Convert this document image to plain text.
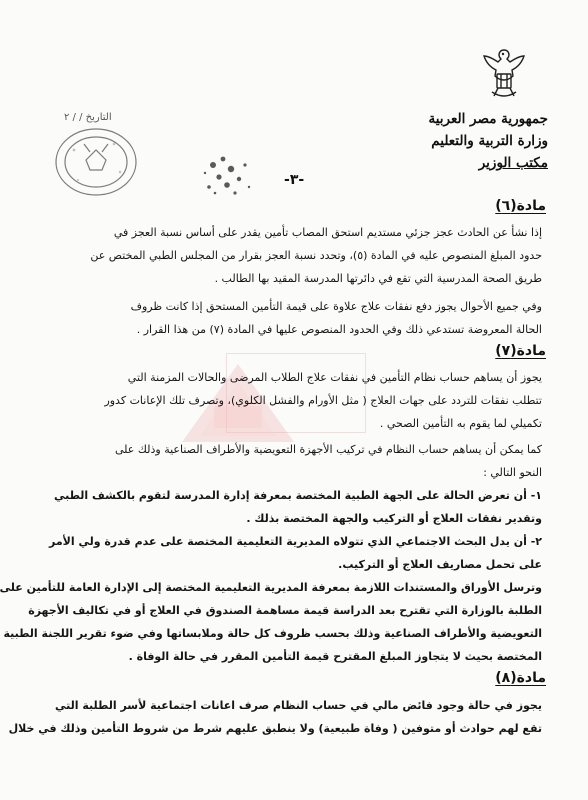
جمهورية مصر العربية
وزارة التربية والتعليم
مكتب الوزير
التاريخ / / ٢
-٣-
مادة(٦)

إذا نشأ عن الحادث عجز جزئي مستديم استحق المصاب تأمين يقدر على أساس نسبة العجز في
حدود المبلغ المنصوص عليه في المادة (٥)، وتحدد نسبة العجز بقرار من المجلس الطبي المختص عن
طريق الصحة المدرسية التي تقع في دائرتها المدرسة المقيد بها الطالب .

وفي جميع الأحوال يجوز دفع نفقات علاج علاوة على قيمة التأمين المستحق إذا كانت ظروف
الحالة المعروضة تستدعي ذلك وفي الحدود المنصوص عليها في المادة (٧) من هذا القرار .

مادة(٧)

يجوز أن يساهم حساب نظام التأمين في نفقات علاج الطلاب المرضى والحالات المزمنة التي
تتطلب نفقات للتردد على جهات العلاج ( مثل الأورام والفشل الكلوي)، وتصرف تلك الإعانات كدور
تكميلي لما يقوم به التأمين الصحي .

كما يمكن أن يساهم حساب النظام في تركيب الأجهزة التعويضية والأطراف الصناعية وذلك على
النحو التالي :

١- أن تعرض الحالة على الجهة الطبية المختصة بمعرفة إدارة المدرسة لتقوم بالكشف الطبي
وتقدير نفقات العلاج أو التركيب والجهة المختصة بذلك .

٢- أن يدل البحث الاجتماعي الذي تتولاه المديرية التعليمية المختصة على عدم قدرة ولي الأمر
على تحمل مصاريف العلاج أو التركيب.

وترسل الأوراق والمستندات اللازمة بمعرفة المديرية التعليمية المختصة إلى الإدارة العامة للتأمين على
الطلبة بالوزارة التي تقترح بعد الدراسة قيمة مساهمة الصندوق في العلاج أو في تكاليف الأجهزة
التعويضية والأطراف الصناعية وذلك بحسب ظروف كل حالة وملابساتها وفي ضوء تقرير اللجنة الطبية
المختصة بحيث لا يتجاوز المبلغ المقترح قيمة التأمين المقرر في حالة الوفاة .

مادة(٨)

يجوز في حالة وجود فائض مالي في حساب النظام صرف اعانات اجتماعية لأسر الطلبة التي
تقع لهم حوادث أو متوفين ( وفاة طبيعية) ولا ينطبق عليهم شرط من شروط التأمين وذلك في خلال
